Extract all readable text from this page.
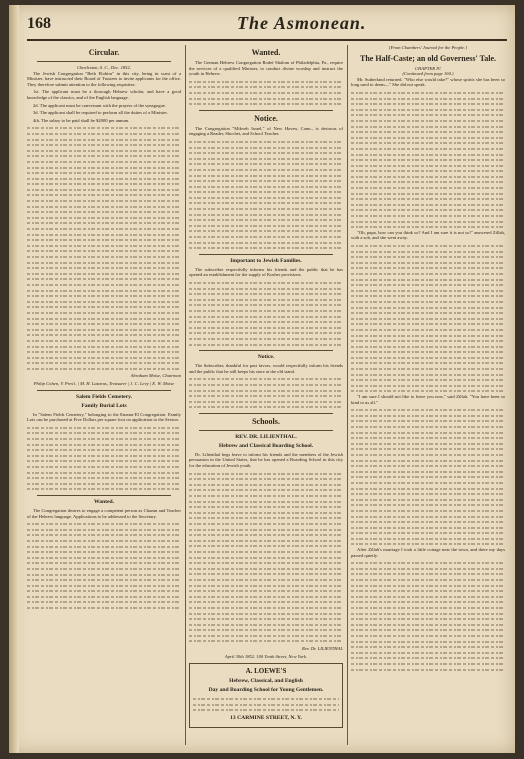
168	The Asmonean.
Circular.
Charleston, S. C., Dec. 1852.

The Jewish Congregation "Beth Elohim" in this city, being in want of a Minister, have instructed their Board of Trustees to invite applicants for the office. They therefore submit attention to the following requisites:

1st. The applicant must be a thorough Hebrew scholar, and have a good knowledge of the classics, and of the English language.

2d. The applicant must be conversant with the prayers of the synagogue.

3d. The applicant shall be required to perform all the duties of a Minister.

4th. The salary to be paid shall be $2000 per annum.

Abraham Moise, Chairman
Philip Cohen, V. Pres't. | M. H. Lazarus, Treasurer | J. C. Levy | E. W. Moise
Salem Fields Cemetery.
Family Burial Lots

In "Salem Fields Cemetery," belonging to the Emanu-El Congregation. Family Lots can be purchased at Five Dollars per square foot on application to the Sexton.

Wanted.

The Congregation desires to engage a competent person as Chazan and Teacher of the Hebrew language. Applications to be addressed to the Secretary.

Wanted.

The German Hebrew Congregation Rodef Shalom of Philadelphia, Pa., require the services of a qualified Minister, to conduct divine worship and instruct the youth in Hebrew.

Notice.

The Congregation "Mikveh Israel," of New Haven, Conn., is desirous of engaging a Reader, Shochet, and School Teacher.

Important to Jewish Families.

The subscriber respectfully informs his friends and the public that he has opened an establishment for the supply of Kosher provisions.

Notice.

The Subscriber, thankful for past favors, would respectfully inform his friends and the public that he still keeps his store at the old stand.

Schools.
REV. DR. LILIENTHAL.
Hebrew and Classical Boarding School.

Dr. Lilienthal begs leave to inform his friends and the members of the Jewish persuasion in the United States, that he has opened a Boarding School in this city for the education of Jewish youth.

Rev. Dr. LILIENTHAL
April 30th 1852. 100 Tenth Street, New York.
A. LOEWE'S
Hebrew, Classical, and English
Day and Boarding School for Young Gentlemen.
13 CARMINE STREET, N. Y.
[From Chambers' Journal for the People.]
The Half-Caste; an old Governess' Tale.
CHAPTER IV.
(Continued from page 160.)

Mr. Sutherland returned. "Who else would take?" whose spirits she has been so long used to deem—" She did not speak.

"Oh, papa, how can you think so? And I am sure it is not so!" answered Zillah, with a sob, and she went away.

"I am sure I should not like to leave you now," said Zillah. "You have been so kind to us all."

After Zillah's marriage I took a little cottage near the town, and there my days passed quietly.
